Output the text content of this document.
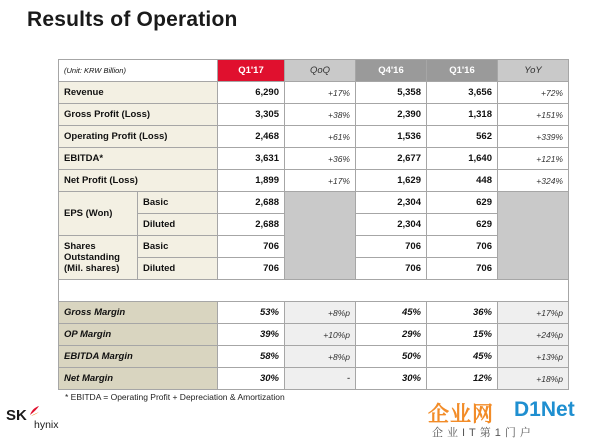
Results of Operation
(Unit: KRW Billion)		Q1'17	QoQ	Q4'16	Q1'16	YoY
Revenue		6,290	+17%	5,358	3,656	+72%
Gross Profit (Loss)		3,305	+38%	2,390	1,318	+151%
Operating Profit (Loss)		2,468	+61%	1,536	562	+339%
EBITDA*		3,631	+36%	2,677	1,640	+121%
Net Profit (Loss)		1,899	+17%	1,629	448	+324%
EPS (Won)	Basic	2,688		2,304	629	
	Diluted	2,688		2,304	629	
Shares Outstanding (Mil. shares)	Basic	706		706	706	
	Diluted	706		706	706	

Gross Margin		53%	+8%p	45%	36%	+17%p
OP Margin		39%	+10%p	29%	15%	+24%p
EBITDA Margin		58%	+8%p	50%	45%	+13%p
Net Margin		30%	-	30%	12%	+18%p
* EBITDA = Operating Profit + Depreciation & Amortization
SK
hynix	企业网 D1Net
企业IT第1门户
